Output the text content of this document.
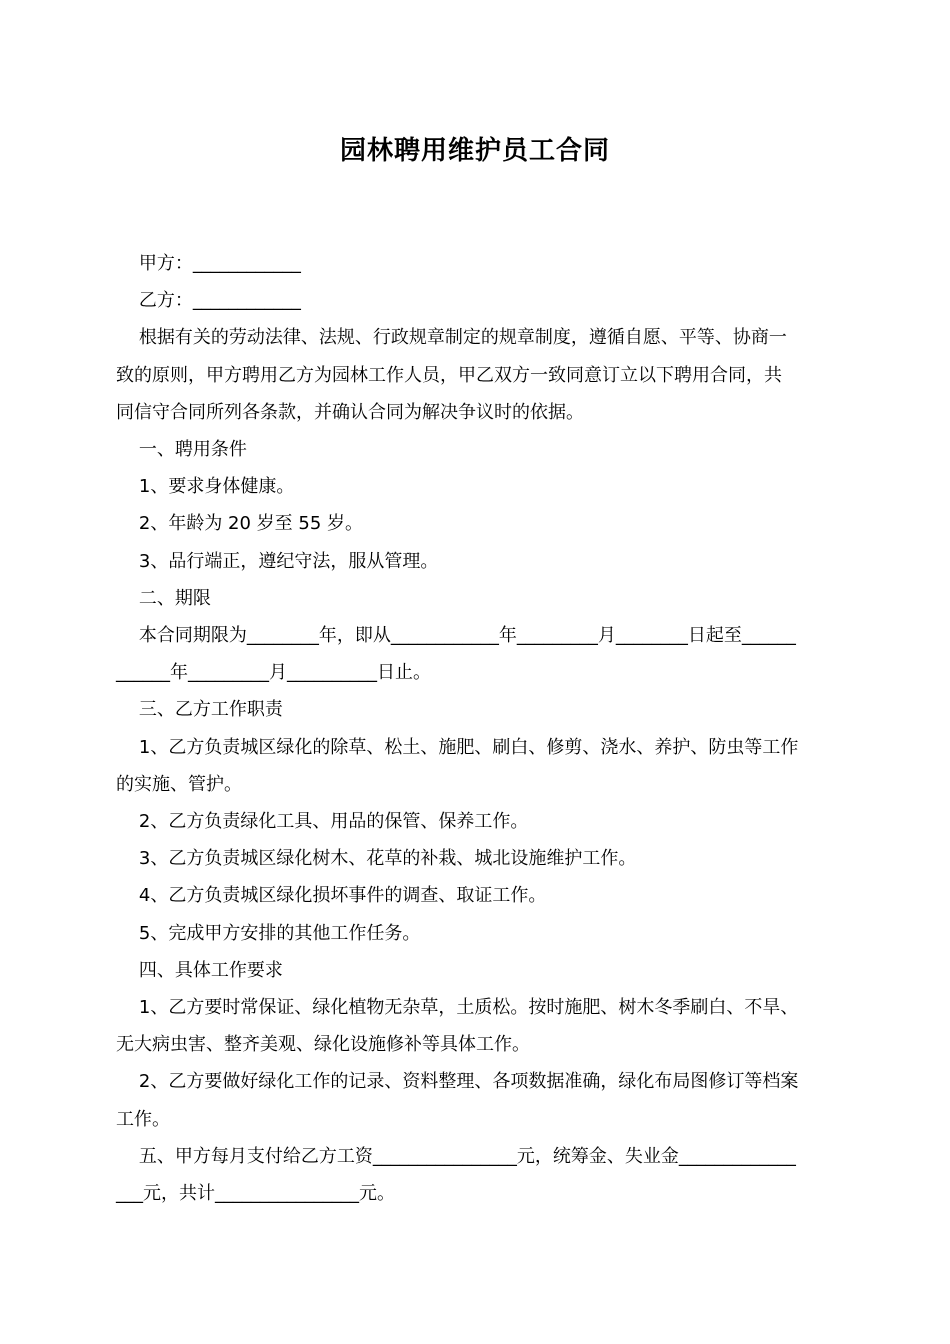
园林聘用维护员工合同

甲方：____________

乙方：____________

根据有关的劳动法律、法规、行政规章制定的规章制度，遵循自愿、平等、协商一

致的原则，甲方聘用乙方为园林工作人员，甲乙双方一致同意订立以下聘用合同，共

同信守合同所列各条款，并确认合同为解决争议时的依据。

一、聘用条件

1、要求身体健康。

2、年龄为 20 岁至 55 岁。

3、品行端正，遵纪守法，服从管理。

二、期限

本合同期限为________年，即从____________年_________月________日起至______

______年_________月__________日止。

三、乙方工作职责

1、乙方负责城区绿化的除草、松土、施肥、刷白、修剪、浇水、养护、防虫等工作

的实施、管护。

2、乙方负责绿化工具、用品的保管、保养工作。

3、乙方负责城区绿化树木、花草的补栽、城北设施维护工作。

4、乙方负责城区绿化损坏事件的调查、取证工作。

5、完成甲方安排的其他工作任务。

四、具体工作要求

1、乙方要时常保证、绿化植物无杂草，土质松。按时施肥、树木冬季刷白、不旱、

无大病虫害、整齐美观、绿化设施修补等具体工作。

2、乙方要做好绿化工作的记录、资料整理、各项数据准确，绿化布局图修订等档案

工作。

五、甲方每月支付给乙方工资________________元，统筹金、失业金_____________

___元，共计________________元。
